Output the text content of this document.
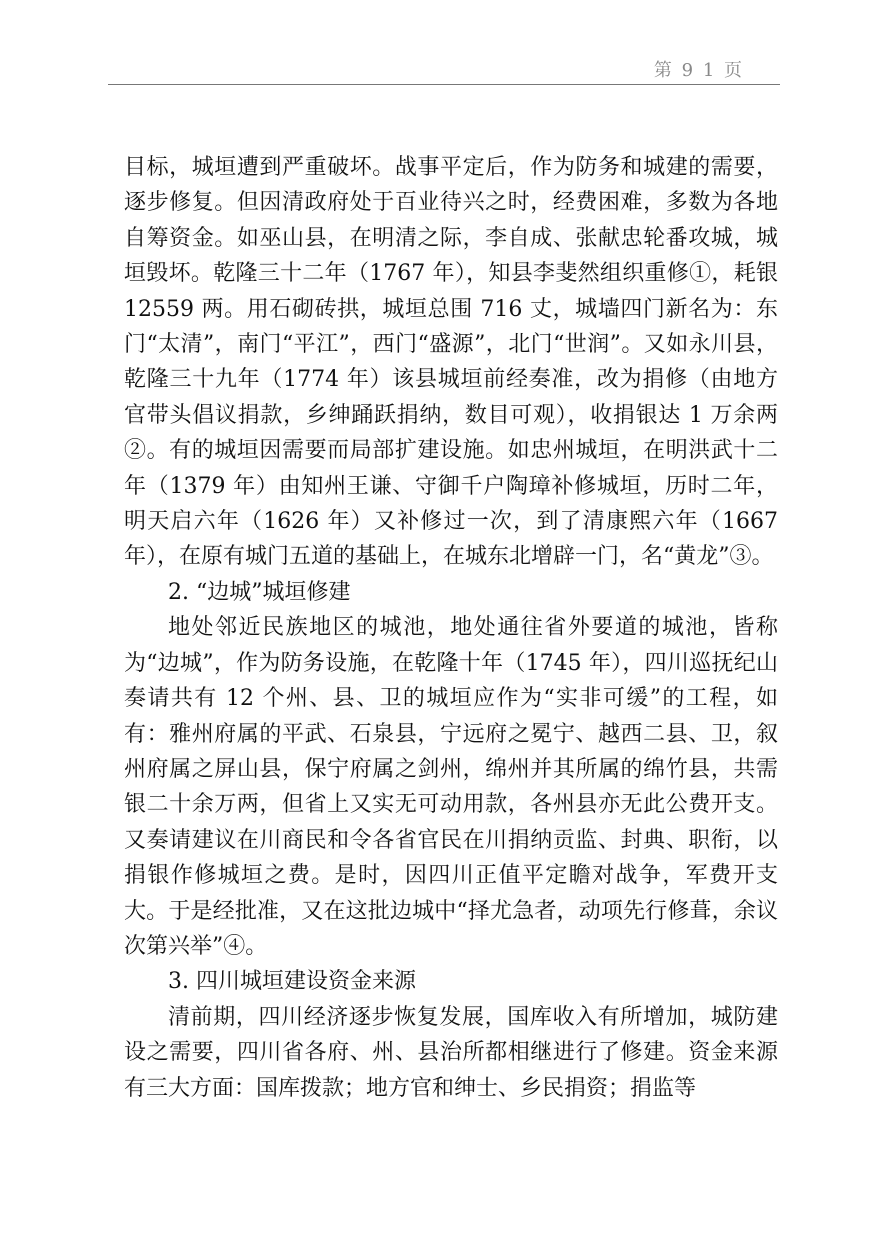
第 9 1 页

目标，城垣遭到严重破坏。战事平定后，作为防务和城建的需要，逐步修复。但因清政府处于百业待兴之时，经费困难，多数为各地自筹资金。如巫山县，在明清之际，李自成、张献忠轮番攻城，城垣毁坏。乾隆三十二年（1767 年），知县李斐然组织重修①，耗银 12559 两。用石砌砖拱，城垣总围 716 丈，城墙四门新名为：东门“太清”，南门“平江”，西门“盛源”，北门“世润”。又如永川县，乾隆三十九年（1774 年）该县城垣前经奏准，改为捐修（由地方官带头倡议捐款，乡绅踊跃捐纳，数目可观），收捐银达 1 万余两②。有的城垣因需要而局部扩建设施。如忠州城垣，在明洪武十二年（1379 年）由知州王谦、守御千户陶璋补修城垣，历时二年，明天启六年（1626 年）又补修过一次，到了清康熙六年（1667 年），在原有城门五道的基础上，在城东北增辟一门，名“黄龙”③。

2. “边城”城垣修建

地处邻近民族地区的城池，地处通往省外要道的城池，皆称为“边城”，作为防务设施，在乾隆十年（1745 年），四川巡抚纪山奏请共有 12 个州、县、卫的城垣应作为“实非可缓”的工程，如有：雅州府属的平武、石泉县，宁远府之冕宁、越西二县、卫，叙州府属之屏山县，保宁府属之剑州，绵州并其所属的绵竹县，共需银二十余万两，但省上又实无可动用款，各州县亦无此公费开支。又奏请建议在川商民和令各省官民在川捐纳贡监、封典、职衔，以捐银作修城垣之费。是时，因四川正值平定瞻对战争，军费开支大。于是经批准，又在这批边城中“择尤急者，动项先行修葺，余议次第兴举”④。

3. 四川城垣建设资金来源

清前期，四川经济逐步恢复发展，国库收入有所增加，城防建设之需要，四川省各府、州、县治所都相继进行了修建。资金来源有三大方面：国库拨款；地方官和绅士、乡民捐资；捐监等
